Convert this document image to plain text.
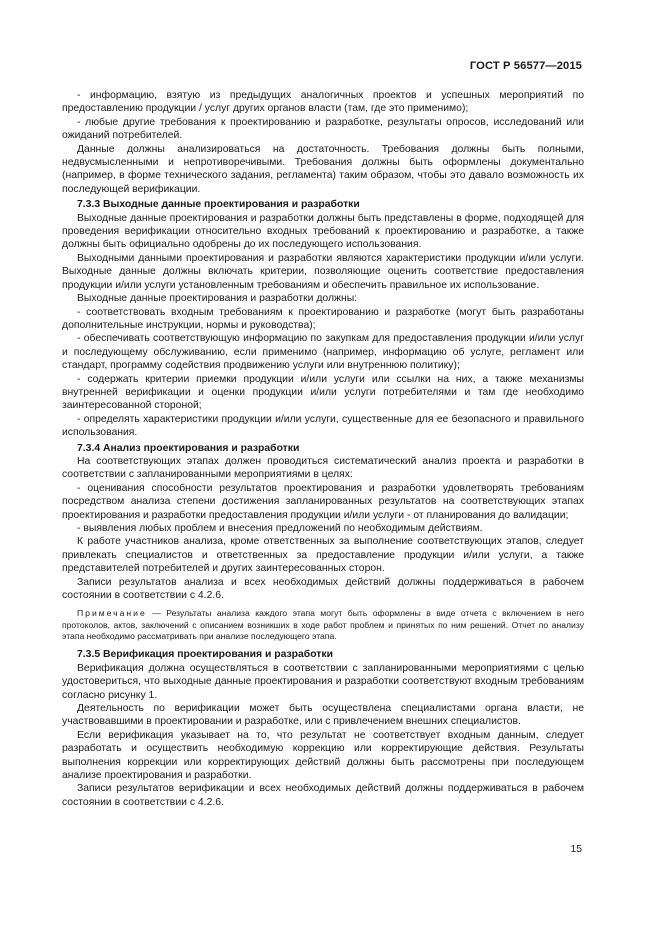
ГОСТ Р 56577—2015

- информацию, взятую из предыдущих аналогичных проектов и успешных мероприятий по предоставлению продукции / услуг других органов власти (там, где это применимо);

- любые другие требования к проектированию и разработке, результаты опросов, исследований или ожиданий потребителей.

Данные должны анализироваться на достаточность. Требования должны быть полными, недвусмысленными и непротиворечивыми. Требования должны быть оформлены документально (например, в форме технического задания, регламента) таким образом, чтобы это давало возможность их последующей верификации.

7.3.3 Выходные данные проектирования и разработки

Выходные данные проектирования и разработки должны быть представлены в форме, подходящей для проведения верификации относительно входных требований к проектированию и разработке, а также должны быть официально одобрены до их последующего использования.

Выходными данными проектирования и разработки являются характеристики продукции и/или услуги. Выходные данные должны включать критерии, позволяющие оценить соответствие предоставления продукции и/или услуги установленным требованиям и обеспечить правильное их использование.

Выходные данные проектирования и разработки должны:

- соответствовать входным требованиям к проектированию и разработке (могут быть разработаны дополнительные инструкции, нормы и руководства);

- обеспечивать соответствующую информацию по закупкам для предоставления продукции и/или услуг и последующему обслуживанию, если применимо (например, информацию об услуге, регламент или стандарт, программу содействия продвижению услуги или внутреннюю политику);

- содержать критерии приемки продукции и/или услуги или ссылки на них, а также механизмы внутренней верификации и оценки продукции и/или услуги потребителями и там где необходимо заинтересованной стороной;

- определять характеристики продукции и/или услуги, существенные для ее безопасного и правильного использования.

7.3.4 Анализ проектирования и разработки

На соответствующих этапах должен проводиться систематический анализ проекта и разработки в соответствии с запланированными мероприятиями в целях:

- оценивания способности результатов проектирования и разработки удовлетворять требованиям посредством анализа степени достижения запланированных результатов на соответствующих этапах проектирования и разработки предоставления продукции и/или услуги - от планирования до валидации;

- выявления любых проблем и внесения предложений по необходимым действиям.

К работе участников анализа, кроме ответственных за выполнение соответствующих этапов, следует привлекать специалистов и ответственных за предоставление продукции и/или услуги, а также представителей потребителей и других заинтересованных сторон.

Записи результатов анализа и всех необходимых действий должны поддерживаться в рабочем состоянии в соответствии с 4.2.6.

Примечание — Результаты анализа каждого этапа могут быть оформлены в виде отчета с включением в него протоколов, актов, заключений с описанием возникших в ходе работ проблем и принятых по ним решений. Отчет по анализу этапа необходимо рассматривать при анализе последующего этапа.

7.3.5 Верификация проектирования и разработки

Верификация должна осуществляться в соответствии с запланированными мероприятиями с целью удостовериться, что выходные данные проектирования и разработки соответствуют входным требованиям согласно рисунку 1.

Деятельность по верификации может быть осуществлена специалистами органа власти, не участвовавшими в проектировании и разработке, или с привлечением внешних специалистов.

Если верификация указывает на то, что результат не соответствует входным данным, следует разработать и осуществить необходимую коррекцию или корректирующие действия. Результаты выполнения коррекции или корректирующих действий должны быть рассмотрены при последующем анализе проектирования и разработки.

Записи результатов верификации и всех необходимых действий должны поддерживаться в рабочем состоянии в соответствии с 4.2.6.

15
